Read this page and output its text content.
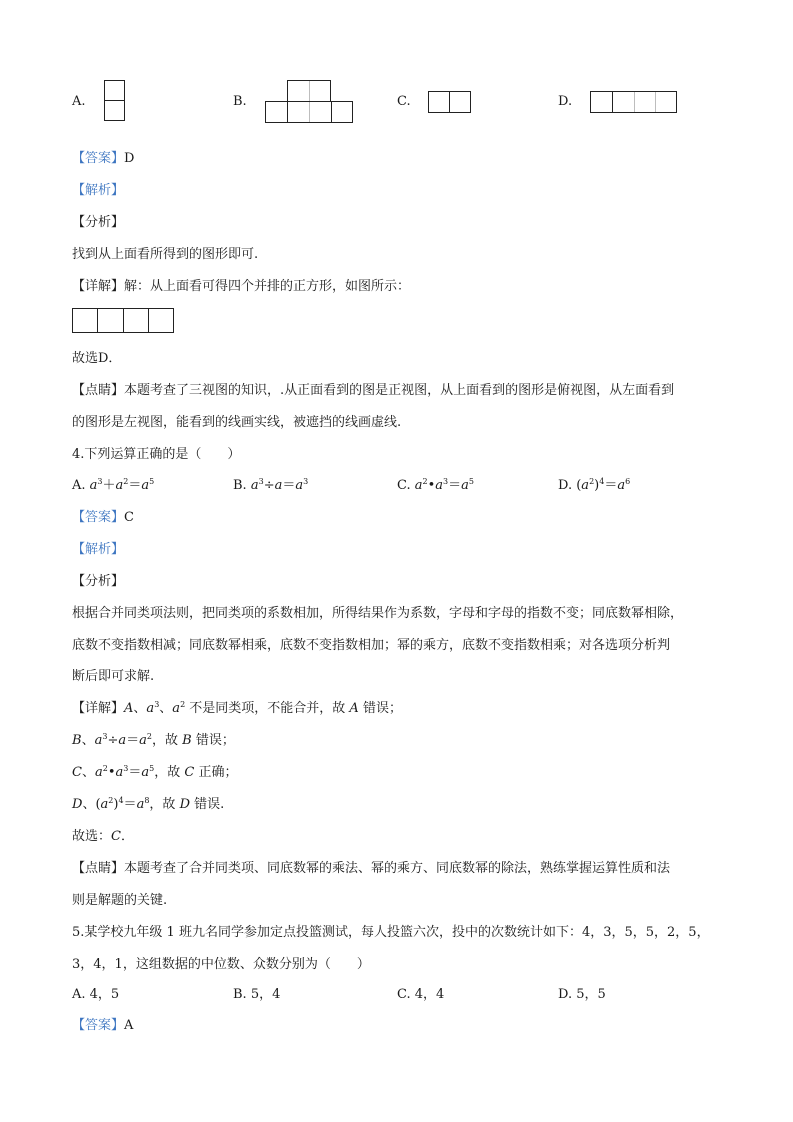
A.	B.	C.	D.
【答案】D
【解析】
【分析】
找到从上面看所得到的图形即可.
【详解】解：从上面看可得四个并排的正方形，如图所示：
故选D．
【点睛】本题考查了三视图的知识，.从正面看到的图是正视图，从上面看到的图形是俯视图，从左面看到
的图形是左视图，能看到的线画实线，被遮挡的线画虚线.
4.下列运算正确的是（　　）
A. $a^3+a^2=a^5$	B. $a^3\div a=a^3$	C. $a^2•a^3=a^5$	D. $(a^2)^4=a^6$
【答案】C
【解析】
【分析】
根据合并同类项法则，把同类项的系数相加，所得结果作为系数，字母和字母的指数不变；同底数幂相除，
底数不变指数相减；同底数幂相乘，底数不变指数相加；幂的乘方，底数不变指数相乘；对各选项分析判
断后即可求解.
【详解】A、$a^3$、$a^2$ 不是同类项，不能合并，故 A 错误；
B、$a^3\div a=a^2$，故 B 错误；
C、$a^2•a^3=a^5$，故 C 正确；
D、$(a^2)^4=a^8$，故 D 错误.
故选：C．
【点睛】本题考查了合并同类项、同底数幂的乘法、幂的乘方、同底数幂的除法，熟练掌握运算性质和法
则是解题的关键.
5.某学校九年级 1 班九名同学参加定点投篮测试，每人投篮六次，投中的次数统计如下：4，3，5，5，2，5，
3，4，1，这组数据的中位数、众数分别为（　　）
A. 4，5	B. 5，4	C. 4，4	D. 5，5
【答案】A
